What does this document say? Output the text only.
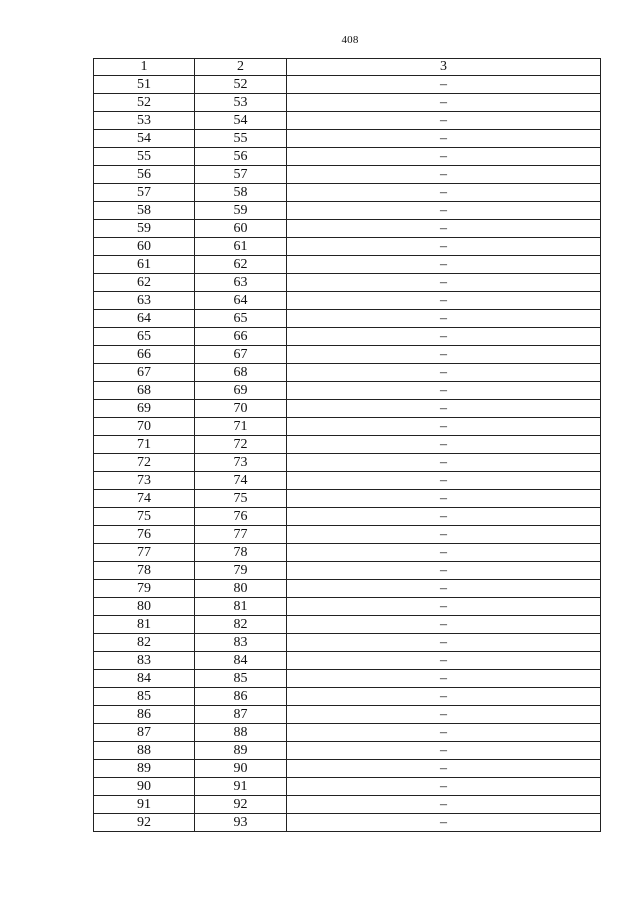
408
1	2	3
51	52	–
52	53	–
53	54	–
54	55	–
55	56	–
56	57	–
57	58	–
58	59	–
59	60	–
60	61	–
61	62	–
62	63	–
63	64	–
64	65	–
65	66	–
66	67	–
67	68	–
68	69	–
69	70	–
70	71	–
71	72	–
72	73	–
73	74	–
74	75	–
75	76	–
76	77	–
77	78	–
78	79	–
79	80	–
80	81	–
81	82	–
82	83	–
83	84	–
84	85	–
85	86	–
86	87	–
87	88	–
88	89	–
89	90	–
90	91	–
91	92	–
92	93	–
